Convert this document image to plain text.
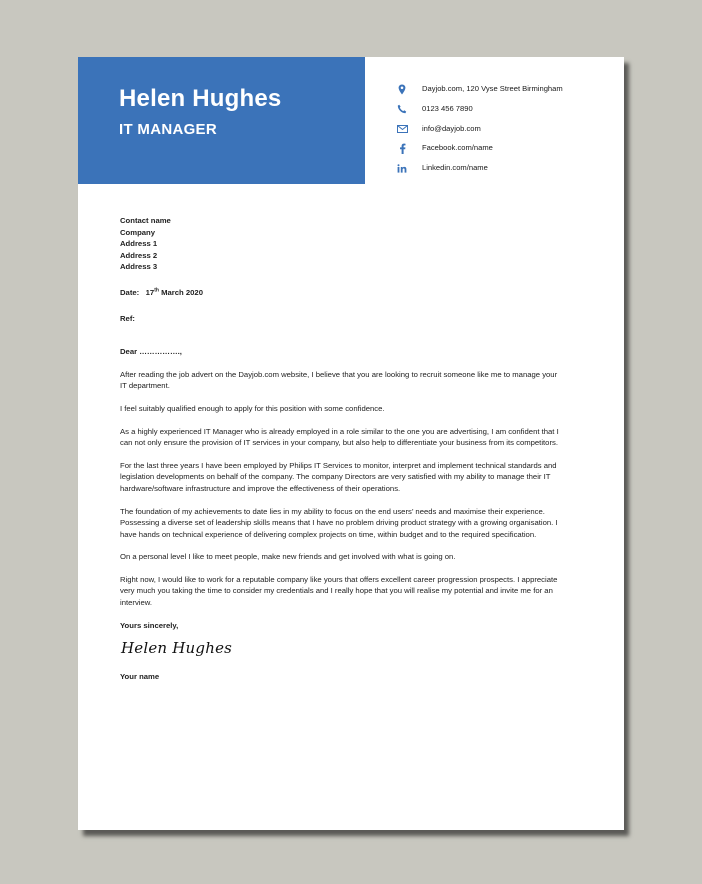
Helen Hughes
IT MANAGER
Dayjob.com, 120 Vyse Street Birmingham
0123 456 7890
info@dayjob.com
Facebook.com/name
Linkedin.com/name

Contact name
Company
Address 1
Address 2
Address 3

Date: 17th March 2020

Ref:

Dear …………….,

After reading the job advert on the Dayjob.com website, I believe that you are looking to recruit someone like me to manage your IT department.

I feel suitably qualified enough to apply for this position with some confidence.

As a highly experienced IT Manager who is already employed in a role similar to the one you are advertising, I am confident that I can not only ensure the provision of IT services in your company, but also help to differentiate your business from its competitors.

For the last three years I have been employed by Philips IT Services to monitor, interpret and implement technical standards and legislation developments on behalf of the company. The company Directors are very satisfied with my ability to manage their IT hardware/software infrastructure and improve the effectiveness of their operations.

The foundation of my achievements to date lies in my ability to focus on the end users’ needs and maximise their experience. Possessing a diverse set of leadership skills means that I have no problem driving product strategy with a growing organisation. I have hands on technical experience of delivering complex projects on time, within budget and to the required specification.

On a personal level I like to meet people, make new friends and get involved with what is going on.

Right now, I would like to work for a reputable company like yours that offers excellent career progression prospects. I appreciate very much you taking the time to consider my credentials and I really hope that you will realise my potential and invite me for an interview.

Yours sincerely,

Helen Hughes

Your name
